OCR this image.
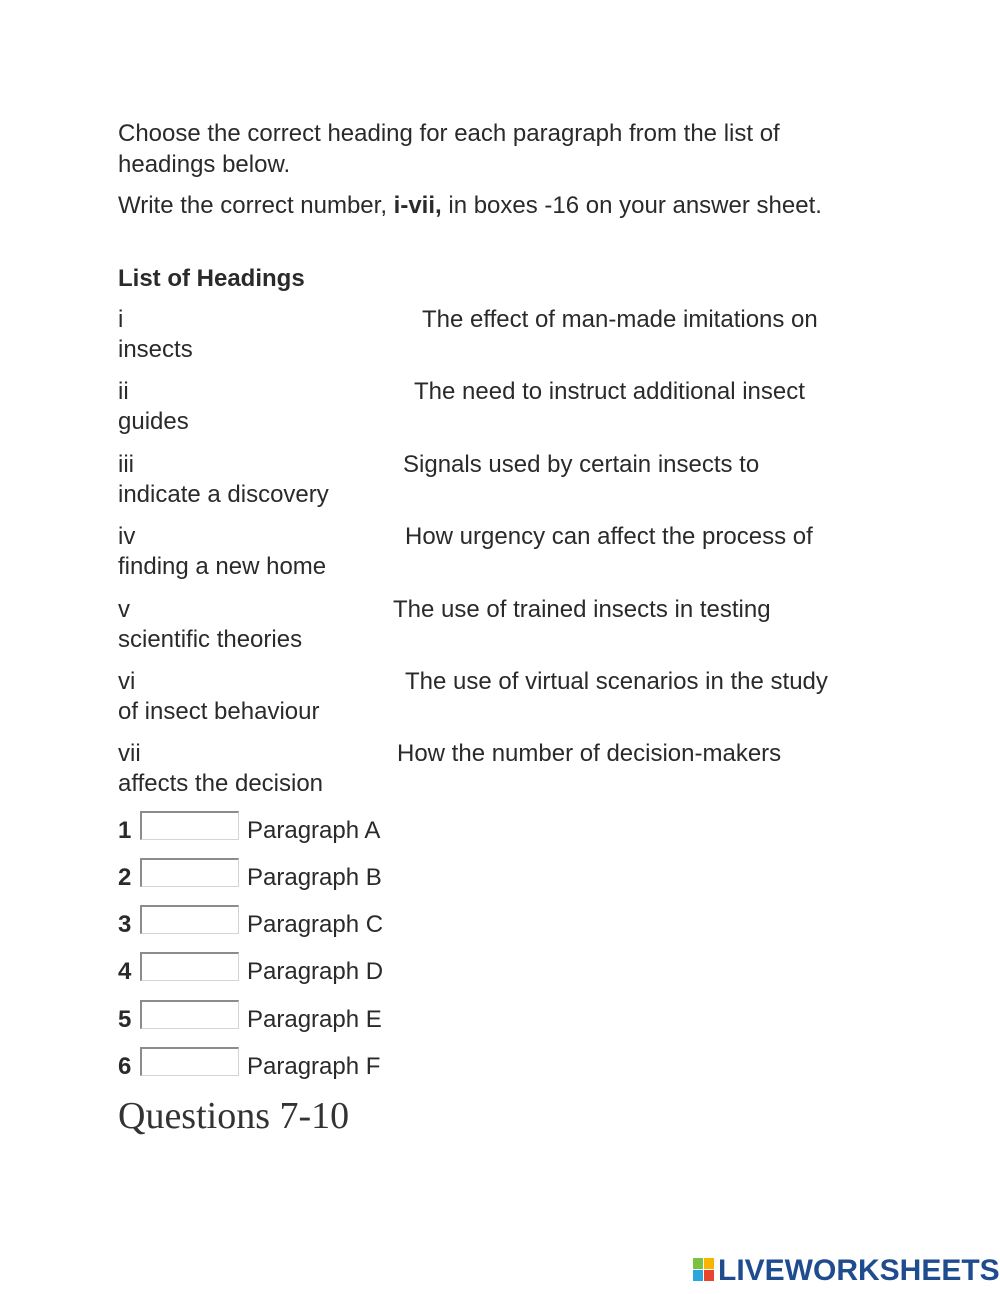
Choose the correct heading for each paragraph from the list of headings below.

Write the correct number, i-vii, in boxes -16 on your answer sheet.

List of Headings

i	The effect of man-made imitations on
insects
ii	The need to instruct additional insect
guides
iii	Signals used by certain insects to
indicate a discovery
iv	How urgency can affect the process of
finding a new home
v	The use of trained insects in testing
scientific theories
vi	The use of virtual scenarios in the study
of insect behaviour
vii	How the number of decision-makers
affects the decision
1	Paragraph A
2	Paragraph B
3	Paragraph C
4	Paragraph D
5	Paragraph E
6	Paragraph F
Questions 7-10
LIVEWORKSHEETS
